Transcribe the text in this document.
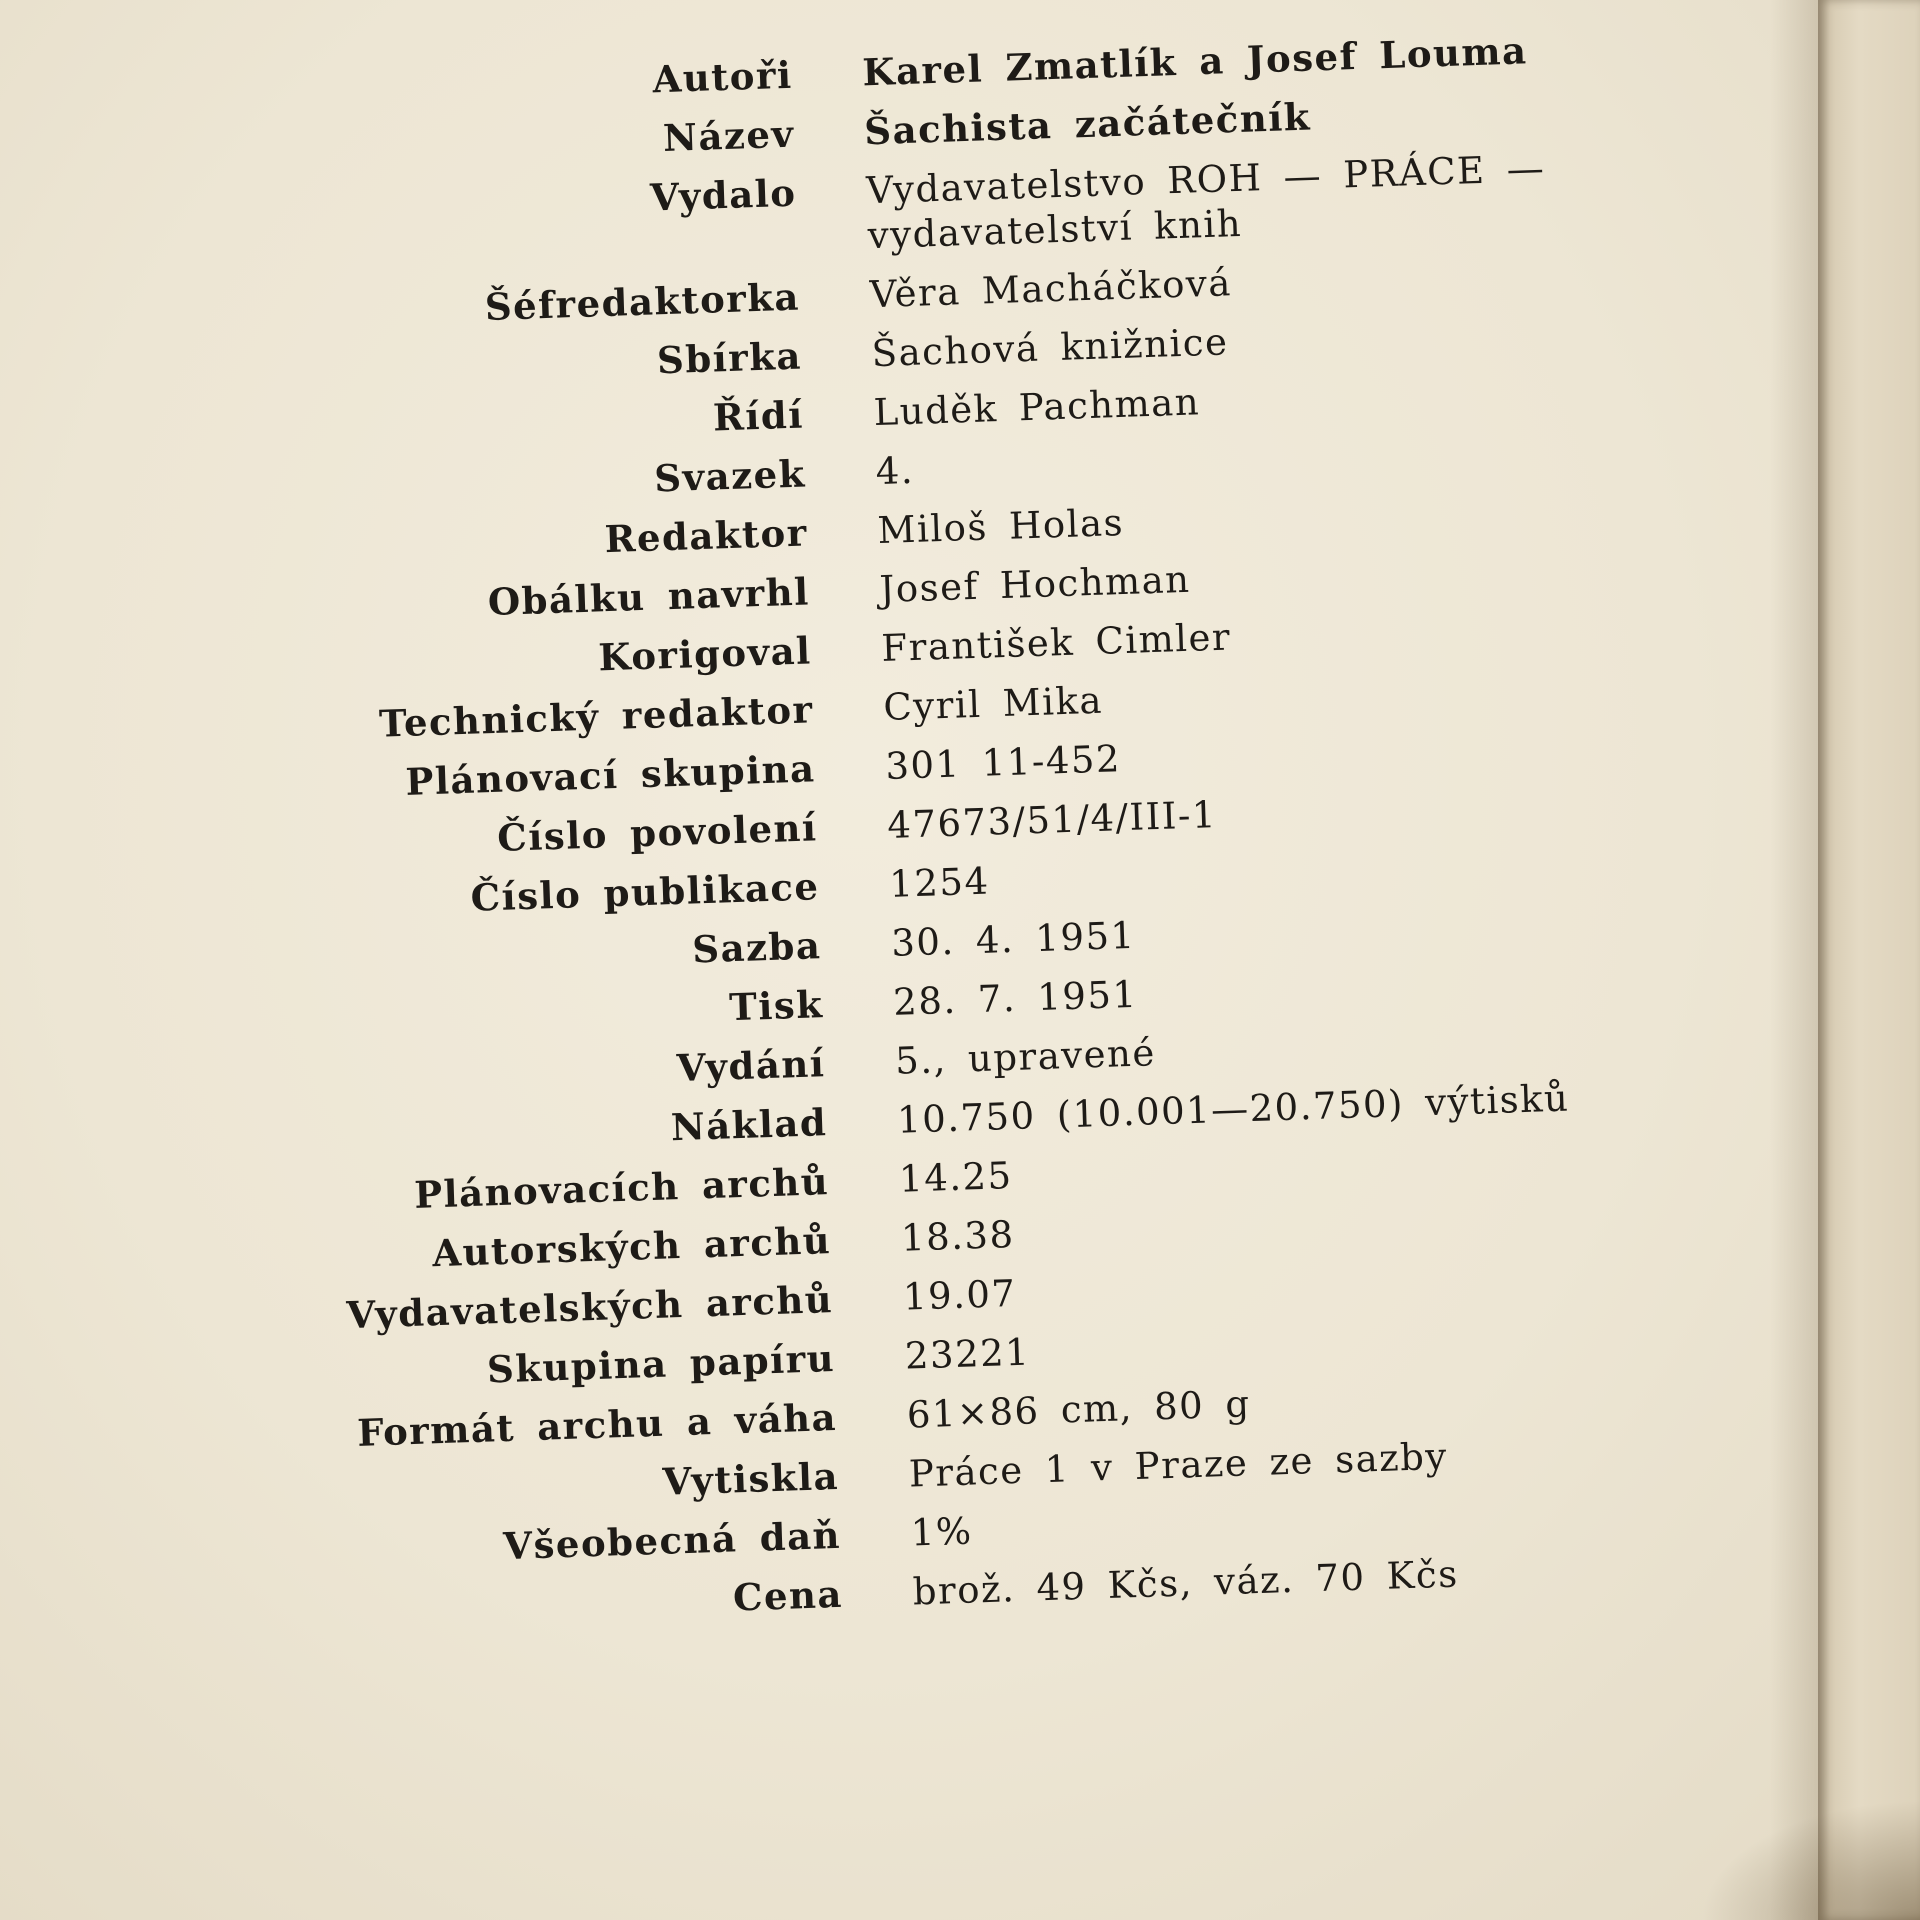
Autoři Karel Zmatlík a Josef Louma
Název Šachista začátečník
Vydalo Vydavatelstvo ROH — PRÁCE —
vydavatelství knih
Šéfredaktorka Věra Macháčková
Sbírka Šachová knižnice
Řídí Luděk Pachman
Svazek 4.
Redaktor Miloš Holas
Obálku navrhl Josef Hochman
Korigoval František Cimler
Technický redaktor Cyril Mika
Plánovací skupina 301 11-452
Číslo povolení 47673/51/4/III-1
Číslo publikace 1254
Sazba 30. 4. 1951
Tisk 28. 7. 1951
Vydání 5., upravené
Náklad 10.750 (10.001—20.750) výtisků
Plánovacích archů 14.25
Autorských archů 18.38
Vydavatelských archů 19.07
Skupina papíru 23221
Formát archu a váha 61×86 cm, 80 g
Vytiskla Práce 1 v Praze ze sazby
Všeobecná daň 1%
Cena brož. 49 Kčs, váz. 70 Kčs
